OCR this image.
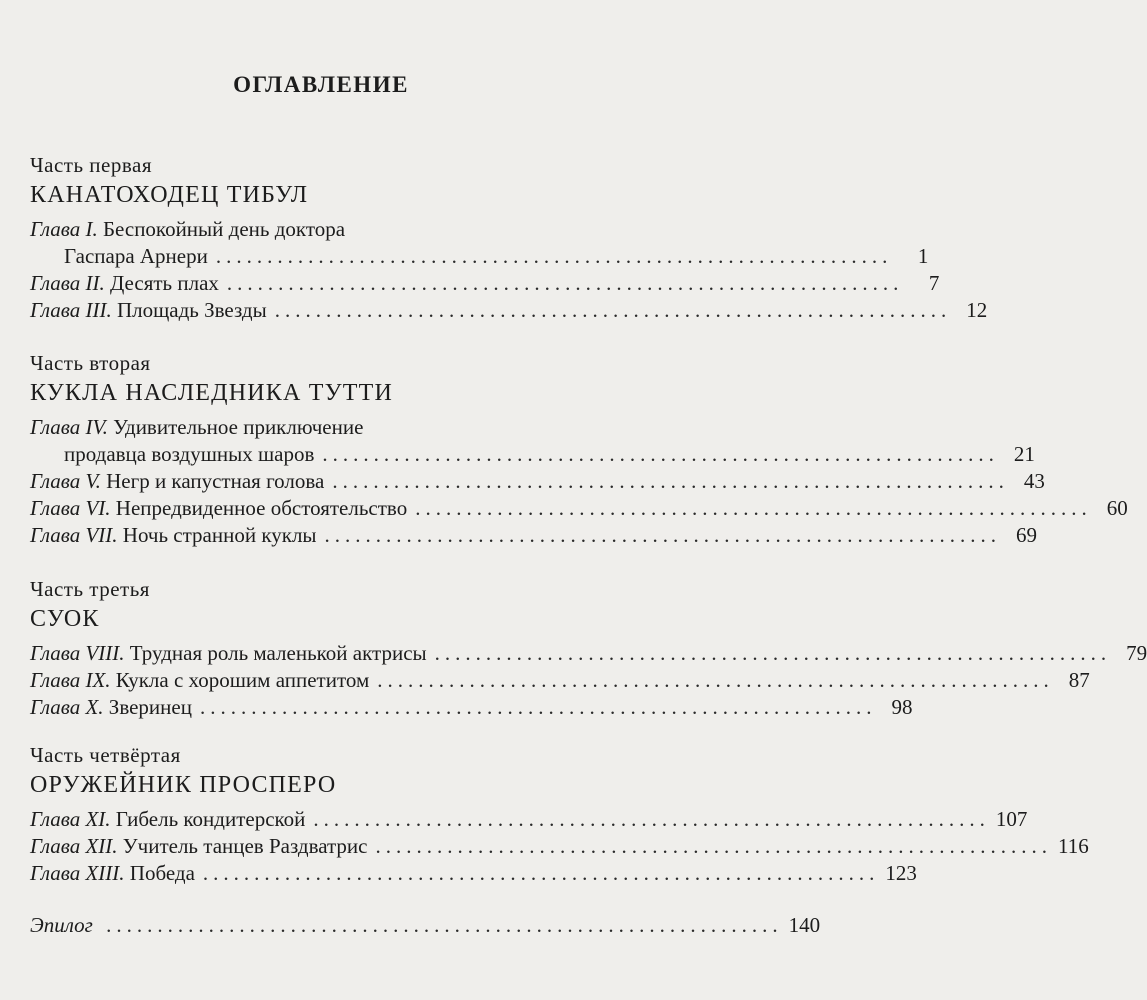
ОГЛАВЛЕНИЕ
Часть первая
КАНАТОХОДЕЦ ТИБУЛ
Глава I. Беспокойный день доктора
Гаспара Арнери ..................................................................	1
Глава II. Десять плах ..................................................................	7
Глава III. Площадь Звезды .................................................................. 12
Часть вторая
КУКЛА НАСЛЕДНИКА ТУТТИ
Глава IV. Удивительное приключение
продавца воздушных шаров .................................................................. 21
Глава V. Негр и капустная голова .................................................................. 43
Глава VI. Непредвиденное обстоятельство .................................................................. 60
Глава VII. Ночь странной куклы .................................................................. 69
Часть третья
СУОК
Глава VIII. Трудная роль маленькой актрисы .................................................................. 79
Глава IX. Кукла с хорошим аппетитом .................................................................. 87
Глава X. Зверинец .................................................................. 98
Часть четвёртая
ОРУЖЕЙНИК ПРОСПЕРО
Глава XI. Гибель кондитерской .................................................................. 107
Глава XII. Учитель танцев Раздватрис .................................................................. 116
Глава XIII. Победа .................................................................. 123
Эпилог .................................................................. 140
